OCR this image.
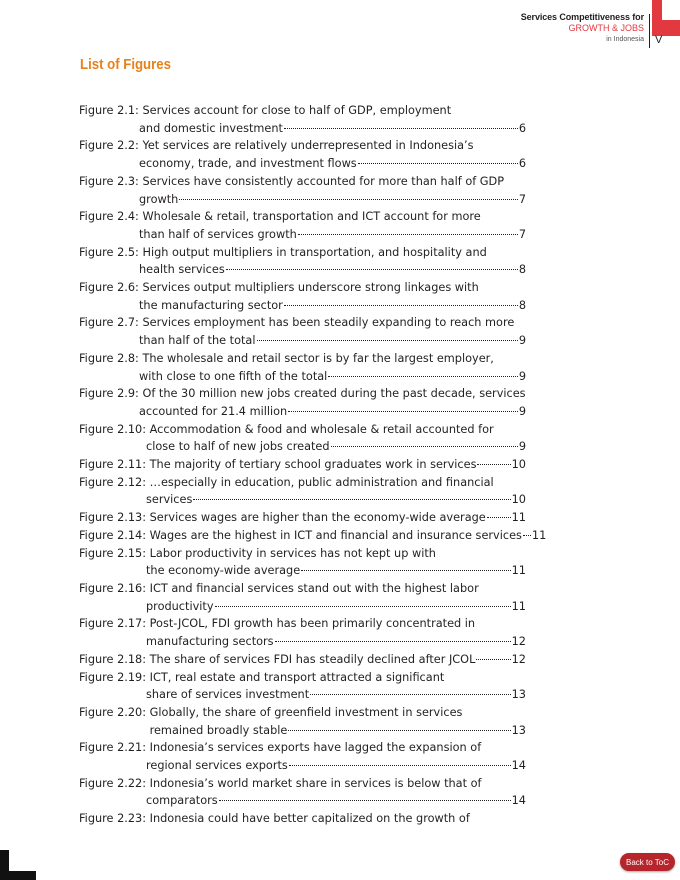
Services Competitiveness for
GROWTH & JOBS
in Indonesia V
List of Figures
Figure 2.1: Services account for close to half of GDP, employment
and domestic investment	6
Figure 2.2: Yet services are relatively underrepresented in Indonesia’s
economy, trade, and investment flows	6
Figure 2.3: Services have consistently accounted for more than half of GDP
growth	7
Figure 2.4: Wholesale & retail, transportation and ICT account for more
than half of services growth	7
Figure 2.5: High output multipliers in transportation, and hospitality and
health services	8
Figure 2.6: Services output multipliers underscore strong linkages with
the manufacturing sector	8
Figure 2.7: Services employment has been steadily expanding to reach more
than half of the total	9
Figure 2.8: The wholesale and retail sector is by far the largest employer,
with close to one fifth of the total	9
Figure 2.9: Of the 30 million new jobs created during the past decade, services
accounted for 21.4 million	9
Figure 2.10: Accommodation & food and wholesale & retail accounted for
close to half of new jobs created	9
Figure 2.11:
The majority of tertiary school graduates work in services	10
Figure 2.12: …especially in education, public administration and financial
services	10
Figure 2.13:
Services wages are higher than the economy-wide average 11
Figure 2.14:
Wages are the highest in ICT and financial and insurance services 11
Figure 2.15: Labor productivity in services has not kept up with
the economy-wide average	11
Figure 2.16: ICT and financial services stand out with the highest labor
productivity	11
Figure 2.17: Post-JCOL, FDI growth has been primarily concentrated in
manufacturing sectors	12
Figure 2.18:
The share of services FDI has steadily declined after JCOL	12
Figure 2.19: ICT, real estate and transport attracted a significant
share of services investment	13
Figure 2.20: Globally, the share of greenfield investment in services
remained broadly stable	13
Figure 2.21: Indonesia’s services exports have lagged the expansion of
regional services exports	14
Figure 2.22: Indonesia’s world market share in services is below that of
comparators	14
Figure 2.23: Indonesia could have better capitalized on the growth of
Back to ToC
